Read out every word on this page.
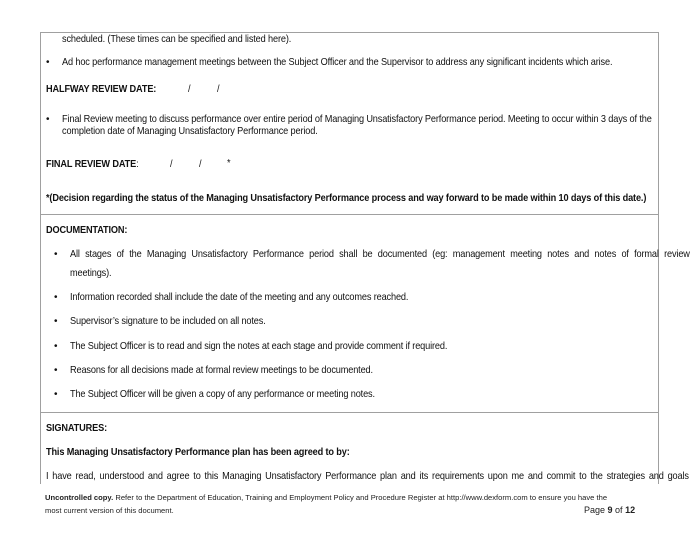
scheduled. (These times can be specified and listed here).
• Ad hoc performance management meetings between the Subject Officer and the Supervisor to address any significant incidents which arise.
HALFWAY REVIEW DATE:	/	/
• Final Review meeting to discuss performance over entire period of Managing Unsatisfactory Performance period. Meeting to occur within 3 days of the
completion date of Managing Unsatisfactory Performance period.
FINAL REVIEW DATE:	/	/	*
*(Decision regarding the status of the Managing Unsatisfactory Performance process and way forward to be made within 10 days of this date.)
DOCUMENTATION:
• All stages of the Managing Unsatisfactory Performance period shall be documented (eg: management meeting notes and notes of formal review
meetings).
• Information recorded shall include the date of the meeting and any outcomes reached.
• Supervisor’s signature to be included on all notes.
• The Subject Officer is to read and sign the notes at each stage and provide comment if required.
• Reasons for all decisions made at formal review meetings to be documented.
• The Subject Officer will be given a copy of any performance or meeting notes.
SIGNATURES:
This Managing Unsatisfactory Performance plan has been agreed to by:
I have read, understood and agree to this Managing Unsatisfactory Performance plan and its requirements upon me and commit to the strategies and goals
Uncontrolled copy. Refer to the Department of Education, Training and Employment Policy and Procedure Register at http://www.dexform.com to ensure you have the
most current version of this document.	Page 9 of 12
